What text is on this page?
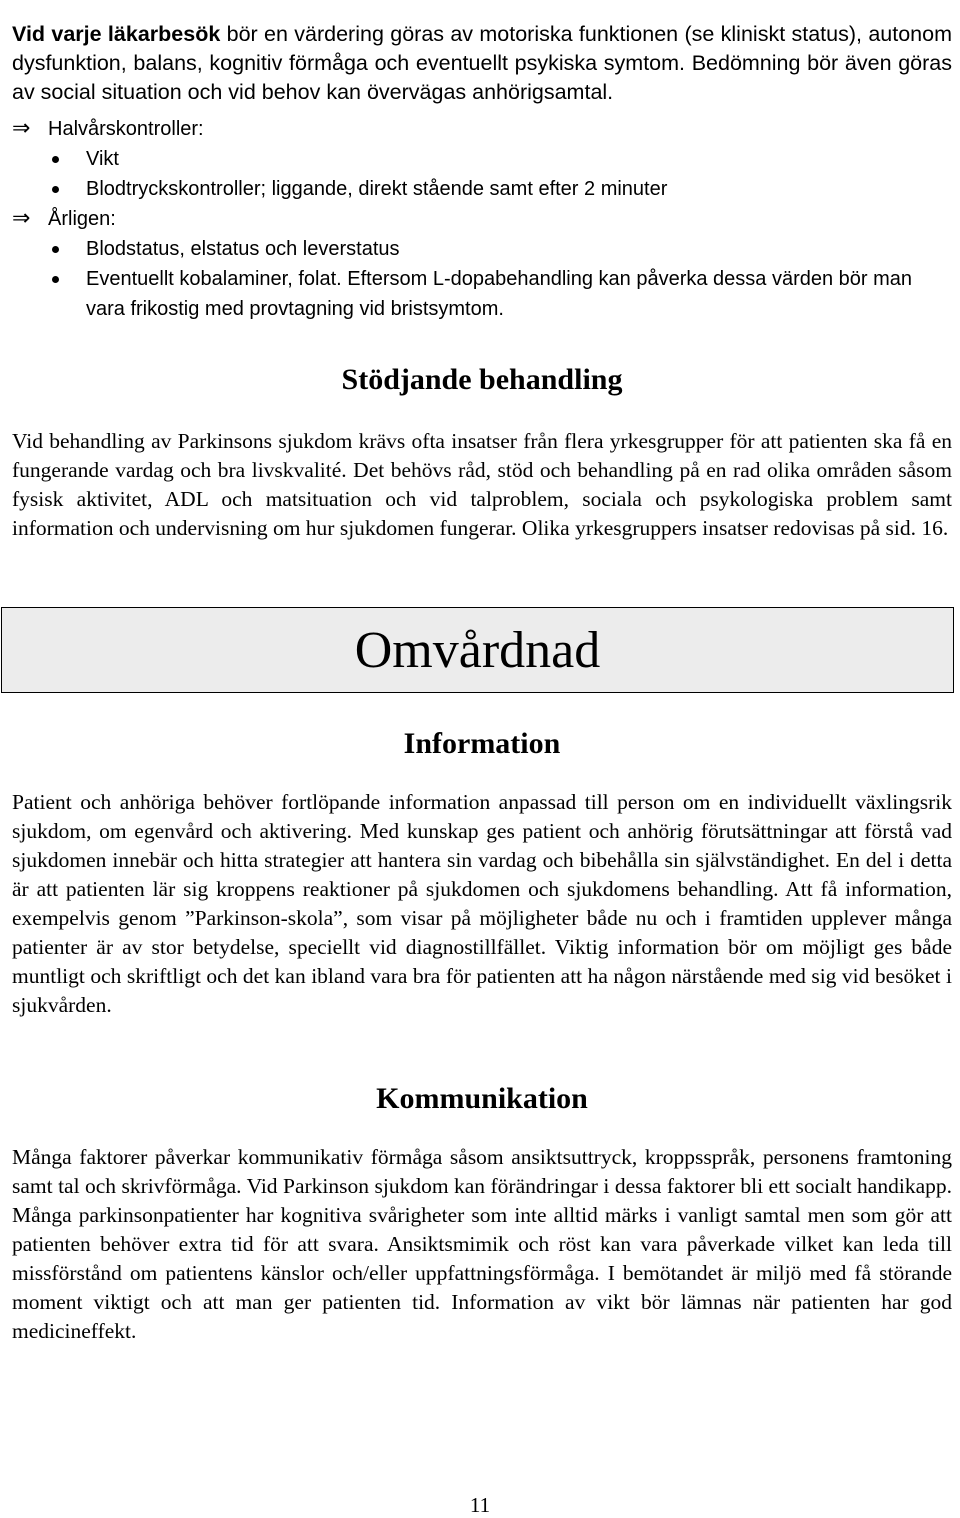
Vid varje läkarbesök bör en värdering göras av motoriska funktionen (se kliniskt status), autonom dysfunktion, balans, kognitiv förmåga och eventuellt psykiska symtom. Bedömning bör även göras av social situation och vid behov kan övervägas anhörigsamtal.

⇒ Halvårskontroller:
Vikt
Blodtryckskontroller; liggande, direkt stående samt efter 2 minuter
⇒ Årligen:
Blodstatus, elstatus och leverstatus
Eventuellt kobalaminer, folat. Eftersom L-dopabehandling kan påverka dessa värden bör man vara frikostig med provtagning vid bristsymtom.
Stödjande behandling

Vid behandling av Parkinsons sjukdom krävs ofta insatser från flera yrkesgrupper för att patienten ska få en fungerande vardag och bra livskvalité. Det behövs råd, stöd och behandling på en rad olika områden såsom fysisk aktivitet, ADL och matsituation och vid talproblem, sociala och psykologiska problem samt information och undervisning om hur sjukdomen fungerar. Olika yrkesgruppers insatser redovisas på sid. 16.

Omvårdnad
Information

Patient och anhöriga behöver fortlöpande information anpassad till person om en individuellt växlingsrik sjukdom, om egenvård och aktivering. Med kunskap ges patient och anhörig förutsättningar att förstå vad sjukdomen innebär och hitta strategier att hantera sin vardag och bibehålla sin självständighet. En del i detta är att patienten lär sig kroppens reaktioner på sjukdomen och sjukdomens behandling. Att få information, exempelvis genom ”Parkinson-skola”, som visar på möjligheter både nu och i framtiden upplever många patienter är av stor betydelse, speciellt vid diagnostillfället. Viktig information bör om möjligt ges både muntligt och skriftligt och det kan ibland vara bra för patienten att ha någon närstående med sig vid besöket i sjukvården.

Kommunikation

Många faktorer påverkar kommunikativ förmåga såsom ansiktsuttryck, kroppsspråk, personens framtoning samt tal och skrivförmåga. Vid Parkinson sjukdom kan förändringar i dessa faktorer bli ett socialt handikapp. Många parkinsonpatienter har kognitiva svårigheter som inte alltid märks i vanligt samtal men som gör att patienten behöver extra tid för att svara. Ansiktsmimik och röst kan vara påverkade vilket kan leda till missförstånd om patientens känslor och/eller uppfattningsförmåga. I bemötandet är miljö med få störande moment viktigt och att man ger patienten tid. Information av vikt bör lämnas när patienten har god medicineffekt.

11
